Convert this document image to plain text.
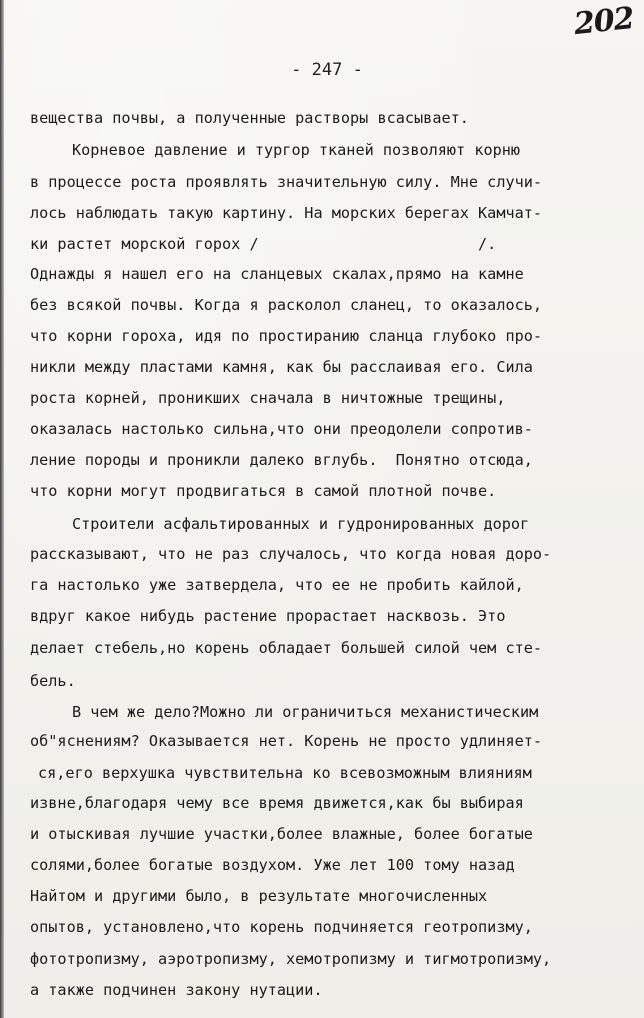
202
- 247 -
вещества почвы, а полученные растворы всасывает.
Корневое давление и тургор тканей позволяют корню
в процессе роста проявлять значительную силу. Мне случи-
лось наблюдать такую картину. На морских берегах Камчат-
ки растет морской горох /                        /.
Однажды я нашел его на сланцевых скалах,прямо на камне
без всякой почвы. Когда я расколол сланец, то оказалось,
что корни гороха, идя по простиранию сланца глубоко про-
никли между пластами камня, как бы расслаивая его. Сила
роста корней, проникших сначала в ничтожные трещины,
оказалась настолько сильна,что они преодолели сопротив-
ление породы и проникли далеко вглубь.  Понятно отсюда,
что корни могут продвигаться в самой плотной почве.
Строители асфальтированных и гудронированных дорог
рассказывают, что не раз случалось, что когда новая доро-
га настолько уже затвердела, что ее не пробить кайлой,
вдруг какое нибудь растение прорастает насквозь. Это
делает стебель,но корень обладает большей силой чем сте-
бель.
В чем же дело?Можно ли ограничиться механистическим
об"яснениям? Оказывается нет. Корень не просто удлиняет-
ся,его верхушка чувствительна ко всевозможным влияниям
извне,благодаря чему все время движется,как бы выбирая
и отыскивая лучшие участки,более влажные, более богатые
солями,более богатые воздухом. Уже лет 100 тому назад
Найтом и другими было, в результате многочисленных
опытов, установлено,что корень подчиняется геотропизму,
фототропизму, аэротропизму, хемотропизму и тигмотропизму,
а также подчинен закону нутации.
